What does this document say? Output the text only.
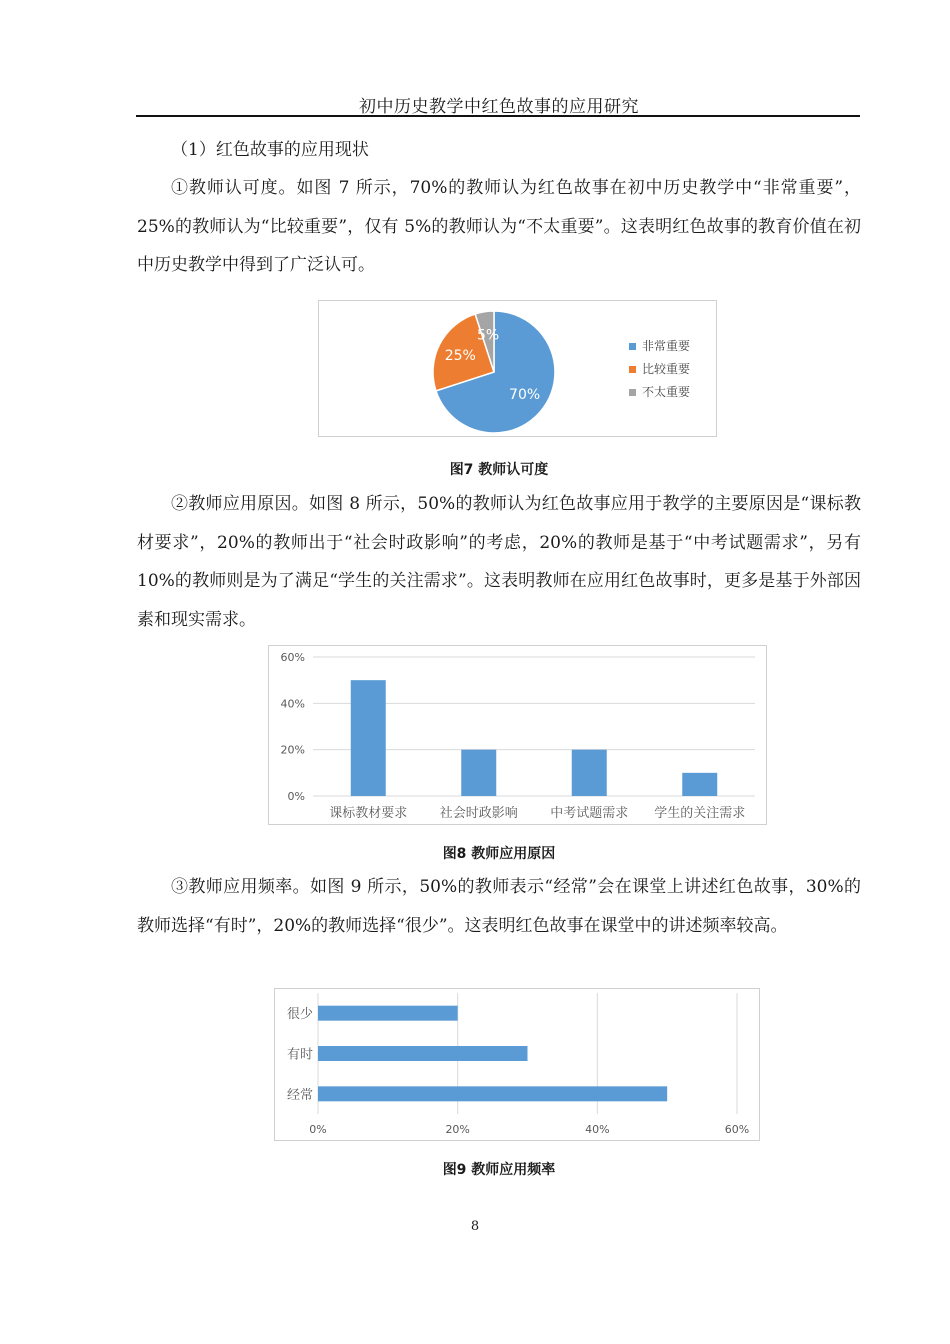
初中历史教学中红色故事的应用研究

（1）红色故事的应用现状

①教师认可度。如图 7 所示，70%的教师认为红色故事在初中历史教学中“非常重要”，25%的教师认为“比较重要”，仅有 5%的教师认为“不太重要”。这表明红色故事的教育价值在初中历史教学中得到了广泛认可。

70%
25%
5%
非常重要
比较重要
不太重要
图7 教师认可度

②教师应用原因。如图 8 所示，50%的教师认为红色故事应用于教学的主要原因是“课标教材要求”，20%的教师出于“社会时政影响”的考虑，20%的教师是基于“中考试题需求”，另有 10%的教师则是为了满足“学生的关注需求”。这表明教师在应用红色故事时，更多是基于外部因素和现实需求。

0%
20%
40%
60%
课标教材要求 社会时政影响 中考试题需求 学生的关注需求
图8 教师应用原因

③教师应用频率。如图 9 所示，50%的教师表示“经常”会在课堂上讲述红色故事，30%的教师选择“有时”，20%的教师选择“很少”。这表明红色故事在课堂中的讲述频率较高。

0%	20%	40%	60%
很少
有时
经常
图9 教师应用频率
8
